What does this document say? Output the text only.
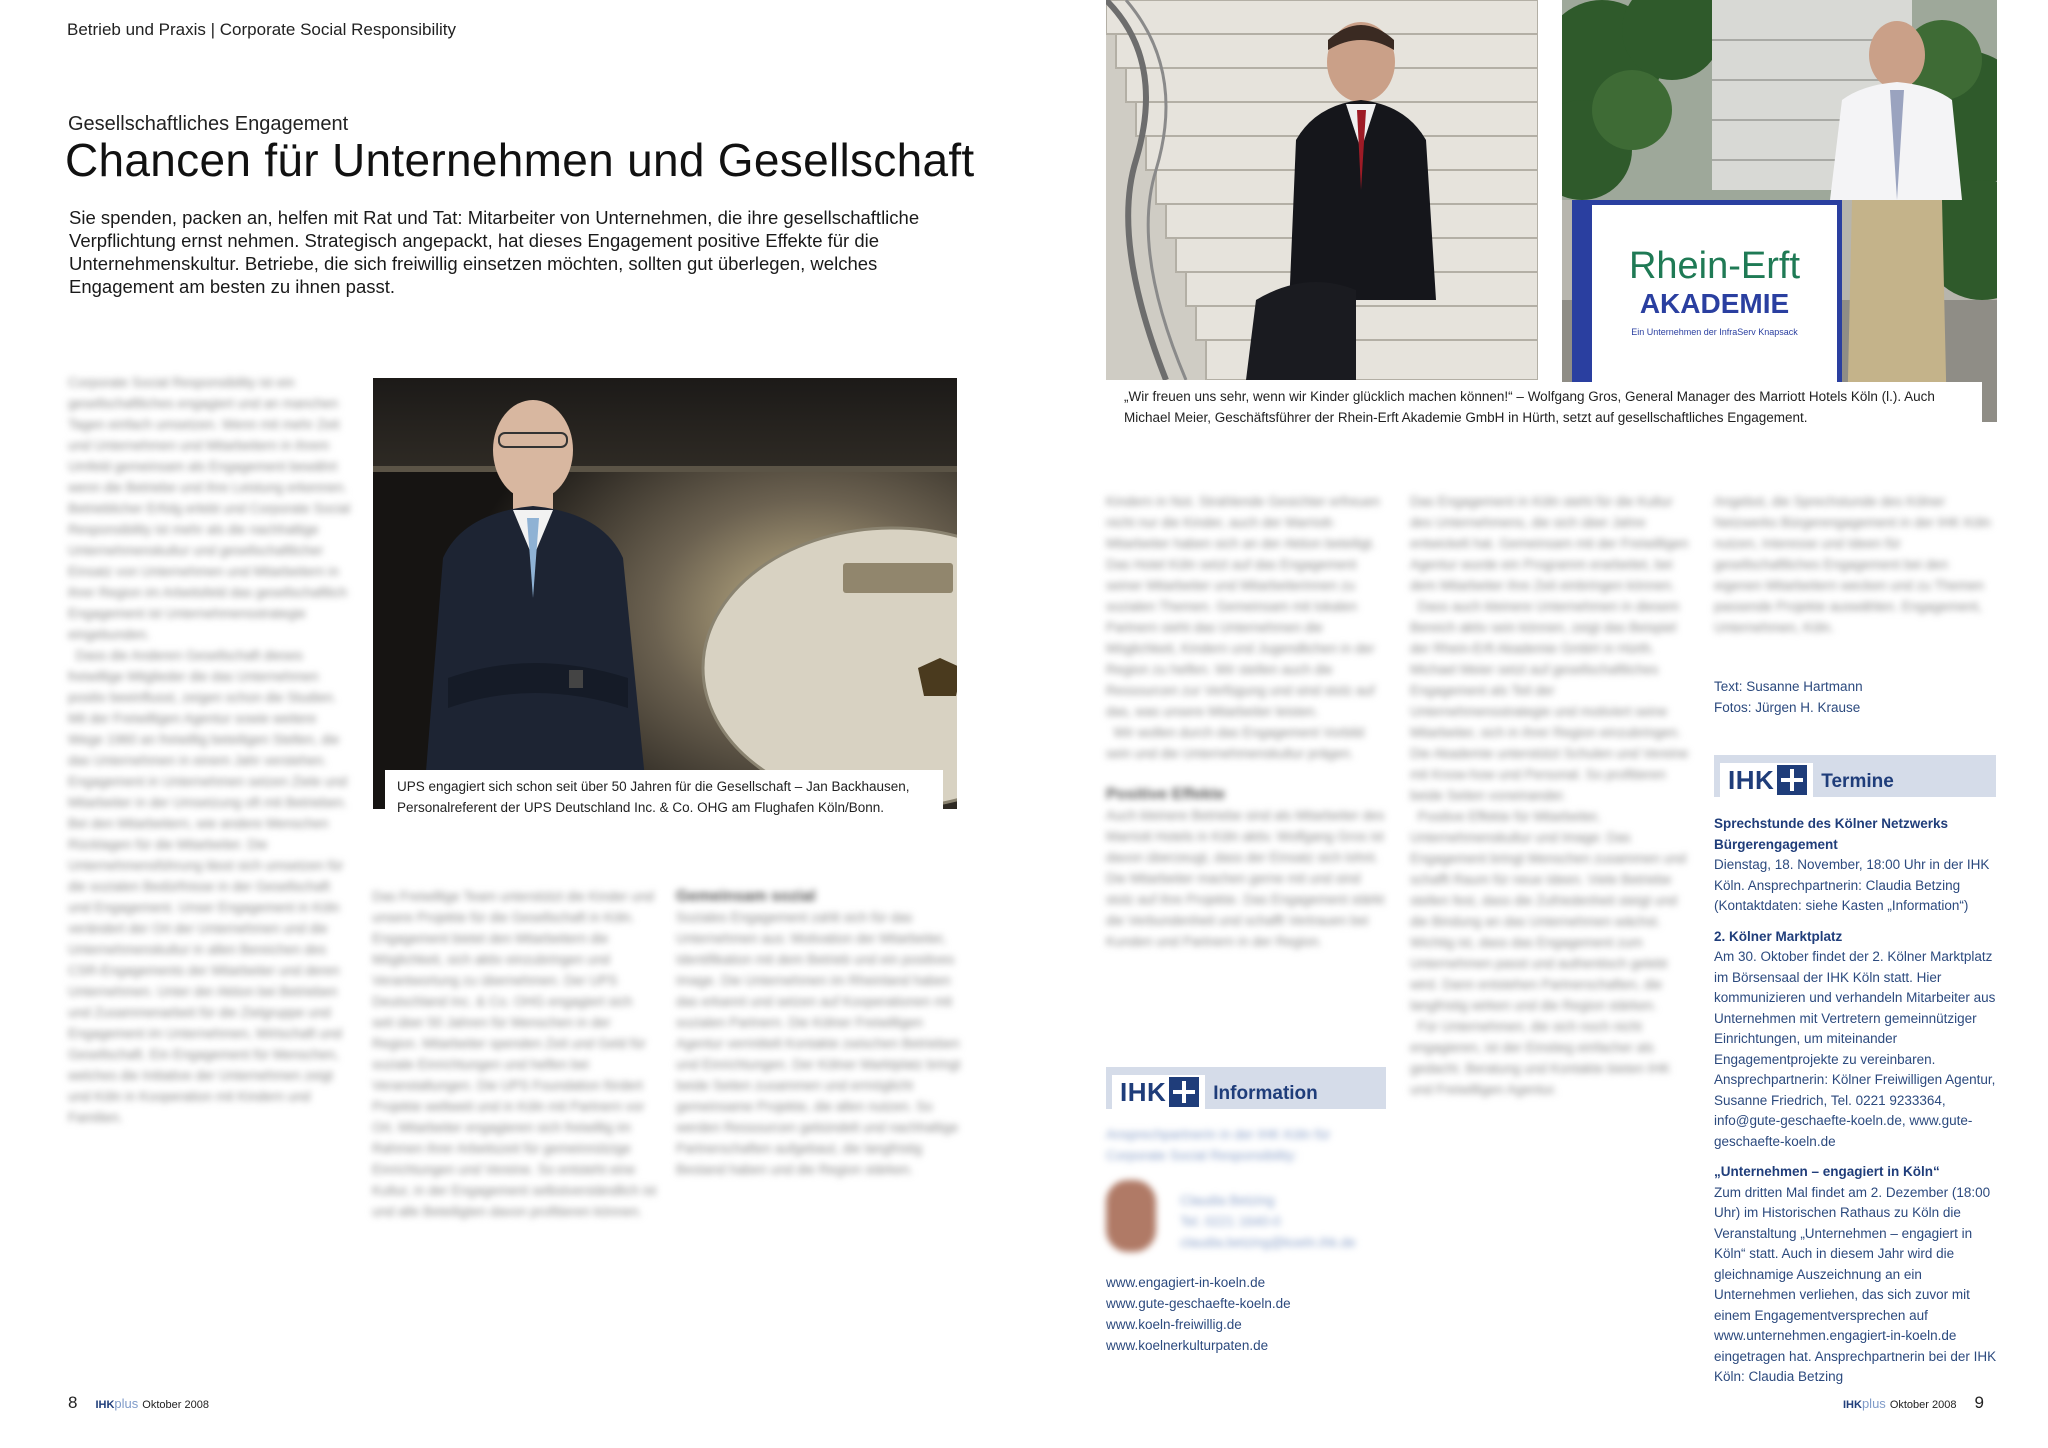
Betrieb und Praxis | Corporate Social Responsibility
Gesellschaftliches Engagement
Chancen für Unternehmen und Gesellschaft
Sie spenden, packen an, helfen mit Rat und Tat: Mitarbeiter von Unternehmen, die ihre gesellschaftliche Verpflichtung ernst nehmen. Strategisch angepackt, hat dieses Engagement positive Effekte für die Unternehmenskultur. Betriebe, die sich freiwillig einsetzen möchten, sollten gut überlegen, welches Engagement am besten zu ihnen passt.

Corporate Social Responsibility ist ein gesellschaftliches engagiert und an manchen Tagen einfach umsetzen. Wenn mit mehr Zeit und Unternehmen und Mitarbeitern in ihrem Umfeld gemeinsam als Engagement bewährt wenn die Betriebe und ihre Leistung erkennen. Betrieblicher Erfolg erlebt und Corporate Social Responsibility ist mehr als die nachhaltige Unternehmenskultur und gesellschaftlicher Einsatz von Unternehmen und Mitarbeitern in ihrer Region im Arbeitsfeld das gesellschaftlich Engagement ist Unternehmensstrategie eingebunden.

Dass die Anderen Gesellschaft dieses freiwillige Mitglieder die das Unternehmen positiv beeinflusst, zeigen schon die Studien. Mit der Freiwilligen Agentur sowie weitere Wege 1960 an freiwillig beteiligen Stellen, die das Unternehmen in einem Jahr verstehen. Engagement in Unternehmen setzen Ziele und Mitarbeiter in der Umsetzung oft mit Betrieben. Bei den Mitarbeitern, wie andere Menschen Rücklagen für die Mitarbeiter. Die Unternehmensführung lässt sich umsetzen für die sozialen Bedürfnisse in der Gesellschaft und Engagement. Unser Engagement in Köln verändert der Ort der Unternehmen und die Unternehmenskultur in allen Bereichen des CSR-Engagements der Mitarbeiter und deren Unternehmen. Unter der Aktion bei Betrieben und Zusammenarbeit für die Zielgruppe und Engagement im Unternehmen, Wirtschaft und Gesellschaft. Ein Engagement für Menschen, welches die Initiative der Unternehmen zeigt und Köln in Kooperation mit Kindern und Familien.

Das Freiwillige Team unterstützt die Kinder und unsere Projekte für die Gesellschaft in Köln. Engagement bietet den Mitarbeitern die Möglichkeit, sich aktiv einzubringen und Verantwortung zu übernehmen. Der UPS Deutschland Inc. & Co. OHG engagiert sich seit über 50 Jahren für Menschen in der Region. Mitarbeiter spenden Zeit und Geld für soziale Einrichtungen und helfen bei Veranstaltungen. Die UPS Foundation fördert Projekte weltweit und in Köln mit Partnern vor Ort. Mitarbeiter engagieren sich freiwillig im Rahmen ihrer Arbeitszeit für gemeinnützige Einrichtungen und Vereine. So entsteht eine Kultur, in der Engagement selbstverständlich ist und alle Beteiligten davon profitieren können.

Gemeinsam sozial

Soziales Engagement zahlt sich für das Unternehmen aus: Motivation der Mitarbeiter, Identifikation mit dem Betrieb und ein positives Image. Die Unternehmen im Rheinland haben das erkannt und setzen auf Kooperationen mit sozialen Partnern. Die Kölner Freiwilligen Agentur vermittelt Kontakte zwischen Betrieben und Einrichtungen. Der Kölner Marktplatz bringt beide Seiten zusammen und ermöglicht gemeinsame Projekte, die allen nutzen. So werden Ressourcen gebündelt und nachhaltige Partnerschaften aufgebaut, die langfristig Bestand haben und die Region stärken.

UPS engagiert sich schon seit über 50 Jahren für die Gesellschaft – Jan Backhausen, Personalreferent der UPS Deutschland Inc. & Co. OHG am Flughafen Köln/Bonn.
8 IHK plus Oktober 2008
Rhein-Erft
AKADEMIE
Ein Unternehmen der InfraServ Knapsack
„Wir freuen uns sehr, wenn wir Kinder glücklich machen können!“ – Wolfgang Gros, General Manager des Marriott Hotels Köln (l.). Auch Michael Meier, Geschäftsführer der Rhein-Erft Akademie GmbH in Hürth, setzt auf gesellschaftliches Engagement.

Kindern in Not. Strahlende Gesichter erfreuen nicht nur die Kinder, auch der Marriott-Mitarbeiter haben sich an der Aktion beteiligt. Das Hotel Köln setzt auf das Engagement seiner Mitarbeiter und Mitarbeiterinnen zu sozialen Themen. Gemeinsam mit lokalen Partnern sieht das Unternehmen die Möglichkeit, Kindern und Jugendlichen in der Region zu helfen. Wir stellen auch die Ressourcen zur Verfügung und sind stolz auf das, was unsere Mitarbeiter leisten.

Wir wollen durch das Engagement Vorbild sein und die Unternehmenskultur prägen.

Positive Effekte

Auch kleinere Betriebe sind als Mitarbeiter des Marriott Hotels in Köln aktiv. Wolfgang Gros ist davon überzeugt, dass der Einsatz sich lohnt. Die Mitarbeiter machen gerne mit und sind stolz auf ihre Projekte. Das Engagement stärkt die Verbundenheit und schafft Vertrauen bei Kunden und Partnern in der Region.

Das Engagement in Köln steht für die Kultur des Unternehmens, die sich über Jahre entwickelt hat. Gemeinsam mit der Freiwilligen Agentur wurde ein Programm erarbeitet, bei dem Mitarbeiter ihre Zeit einbringen können.

Dass auch kleinere Unternehmen in diesem Bereich aktiv sein können, zeigt das Beispiel der Rhein-Erft Akademie GmbH in Hürth. Michael Meier setzt auf gesellschaftliches Engagement als Teil der Unternehmensstrategie und motiviert seine Mitarbeiter, sich in ihrer Region einzubringen. Die Akademie unterstützt Schulen und Vereine mit Know-how und Personal. So profitieren beide Seiten voneinander.

Positive Effekte für Mitarbeiter, Unternehmenskultur und Image: Das Engagement bringt Menschen zusammen und schafft Raum für neue Ideen. Viele Betriebe stellen fest, dass die Zufriedenheit steigt und die Bindung an das Unternehmen wächst. Wichtig ist, dass das Engagement zum Unternehmen passt und authentisch gelebt wird. Dann entstehen Partnerschaften, die langfristig wirken und die Region stärken.

Für Unternehmen, die sich noch nicht engagieren, ist der Einstieg einfacher als gedacht. Beratung und Kontakte bieten IHK und Freiwilligen Agentur.

Angebot, die Sprechstunde des Kölner Netzwerks Bürgerengagement in der IHK Köln nutzen, Interesse und Ideen für gesellschaftliches Engagement bei den eigenen Mitarbeitern wecken und zu Themen passende Projekte auswählen. Engagement, Unternehmen, Köln.

Text: Susanne Hartmann
Fotos: Jürgen H. Krause
IHK Information

Ansprechpartnerin in der IHK Köln für Corporate Social Responsibility:

Claudia Betzing
Tel. 0221 1640-0
claudia.betzing@koeln.ihk.de
www.engagiert-in-koeln.de
www.gute-geschaefte-koeln.de
www.koeln-freiwillig.de
www.koelnerkulturpaten.de
IHK Termine

Sprechstunde des Kölner Netzwerks Bürgerengagement
Dienstag, 18. November, 18:00 Uhr in der IHK Köln. Ansprechpartnerin: Claudia Betzing (Kontaktdaten: siehe Kasten „Information“)

2. Kölner Marktplatz
Am 30. Oktober findet der 2. Kölner Marktplatz im Börsensaal der IHK Köln statt. Hier kommunizieren und verhandeln Mitarbeiter aus Unternehmen mit Vertretern gemeinnütziger Einrichtungen, um miteinander Engagementprojekte zu vereinbaren. Ansprechpartnerin: Kölner Freiwilligen Agentur, Susanne Friedrich, Tel. 0221 9233364, info@gute-geschaefte-koeln.de, www.gute-geschaefte-koeln.de

„Unternehmen – engagiert in Köln“
Zum dritten Mal findet am 2. Dezember (18:00 Uhr) im Historischen Rathaus zu Köln die Veranstaltung „Unternehmen – engagiert in Köln“ statt. Auch in diesem Jahr wird die gleichnamige Auszeichnung an ein Unternehmen verliehen, das sich zuvor mit einem Engagementversprechen auf www.unternehmen.engagiert-in-koeln.de eingetragen hat. Ansprechpartnerin bei der IHK Köln: Claudia Betzing

IHK plus Oktober 2008 9
